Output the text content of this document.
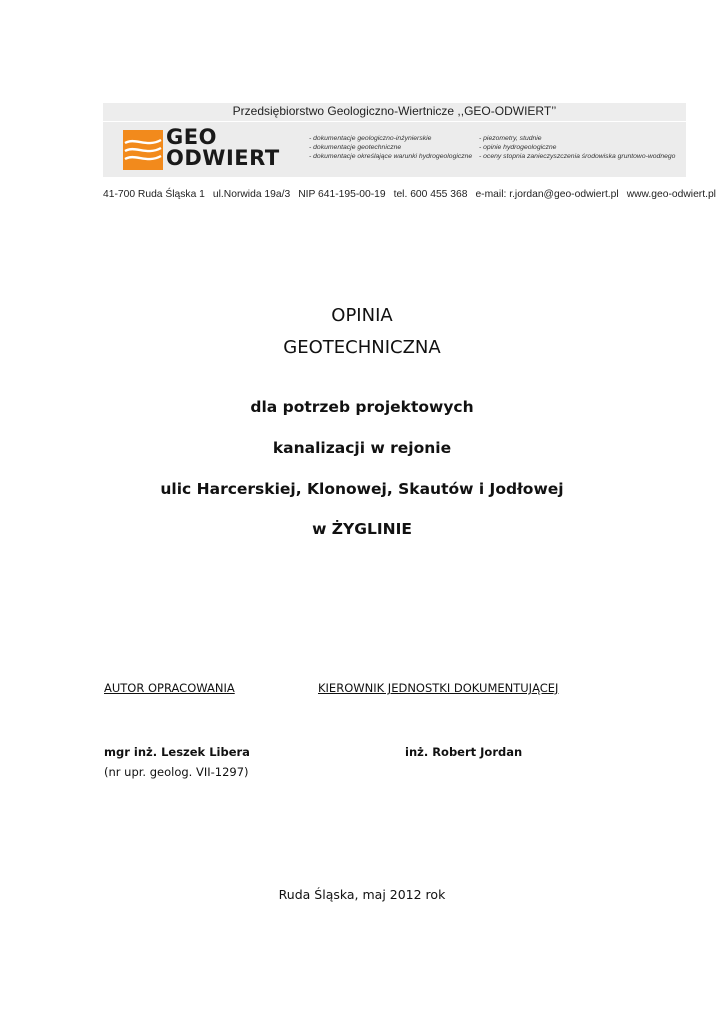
Przedsiębiorstwo Geologiczno-Wiertnicze ,,GEO-ODWIERT’’
GEO
ODWIERT
- dokumentacje geologiczno-inżynierskie
- dokumentacje geotechniczne
- dokumentacje określające warunki hydrogeologiczne
- piezometry, studnie
- opinie hydrogeologiczne
- oceny stopnia zanieczyszczenia środowiska gruntowo-wodnego
41-700 Ruda Śląska 1 ul.Norwida 19a/3 NIP 641-195-00-19 tel. 600 455 368 e-mail: r.jordan@geo-odwiert.pl www.geo-odwiert.pl
OPINIA
GEOTECHNICZNA
dla potrzeb projektowych
kanalizacji w rejonie
ulic Harcerskiej, Klonowej, Skautów i Jodłowej
w ŻYGLINIE
AUTOR OPRACOWANIA	KIEROWNIK JEDNOSTKI DOKUMENTUJĄCEJ
mgr inż. Leszek Libera
(nr upr. geolog. VII-1297)
inż. Robert Jordan
Ruda Śląska, maj 2012 rok
